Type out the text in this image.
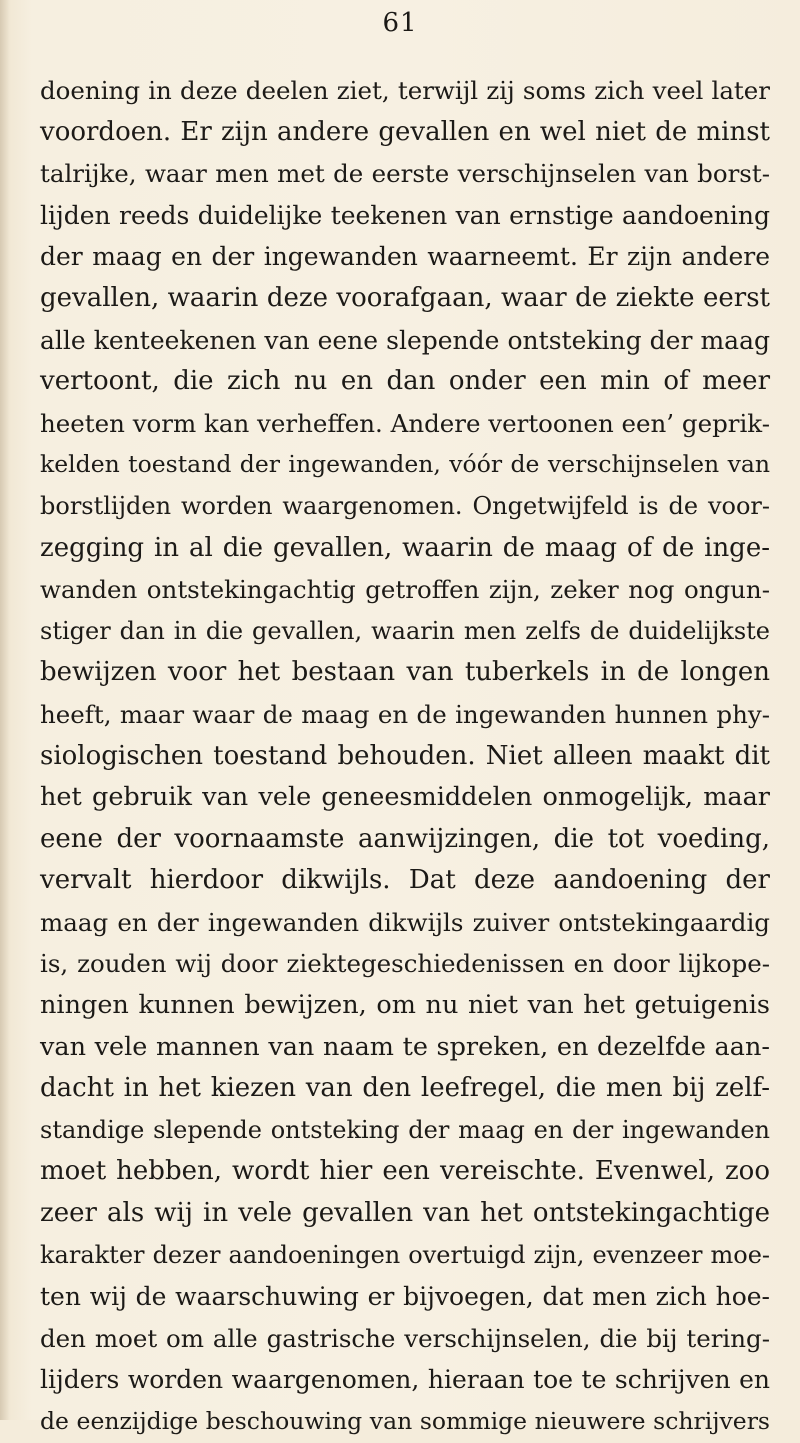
61
doening in deze deelen ziet, terwijl zij soms zich veel later
voordoen. Er zijn andere gevallen en wel niet de minst
talrijke, waar men met de eerste verschijnselen van borst-
lijden reeds duidelijke teekenen van ernstige aandoening
der maag en der ingewanden waarneemt. Er zijn andere
gevallen, waarin deze voorafgaan, waar de ziekte eerst
alle kenteekenen van eene slepende ontsteking der maag
vertoont, die zich nu en dan onder een min of meer
heeten vorm kan verheffen. Andere vertoonen een’ geprik-
kelden toestand der ingewanden, vóór de verschijnselen van
borstlijden worden waargenomen. Ongetwijfeld is de voor-
zegging in al die gevallen, waarin de maag of de inge-
wanden ontstekingachtig getroffen zijn, zeker nog ongun-
stiger dan in die gevallen, waarin men zelfs de duidelijkste
bewijzen voor het bestaan van tuberkels in de longen
heeft, maar waar de maag en de ingewanden hunnen phy-
siologischen toestand behouden. Niet alleen maakt dit
het gebruik van vele geneesmiddelen onmogelijk, maar
eene der voornaamste aanwijzingen, die tot voeding,
vervalt hierdoor dikwijls. Dat deze aandoening der
maag en der ingewanden dikwijls zuiver ontstekingaardig
is, zouden wij door ziektegeschiedenissen en door lijkope-
ningen kunnen bewijzen, om nu niet van het getuigenis
van vele mannen van naam te spreken, en dezelfde aan-
dacht in het kiezen van den leefregel, die men bij zelf-
standige slepende ontsteking der maag en der ingewanden
moet hebben, wordt hier een vereischte. Evenwel, zoo
zeer als wij in vele gevallen van het ontstekingachtige
karakter dezer aandoeningen overtuigd zijn, evenzeer moe-
ten wij de waarschuwing er bijvoegen, dat men zich hoe-
den moet om alle gastrische verschijnselen, die bij tering-
lijders worden waargenomen, hieraan toe te schrijven en
de eenzijdige beschouwing van sommige nieuwere schrijvers
